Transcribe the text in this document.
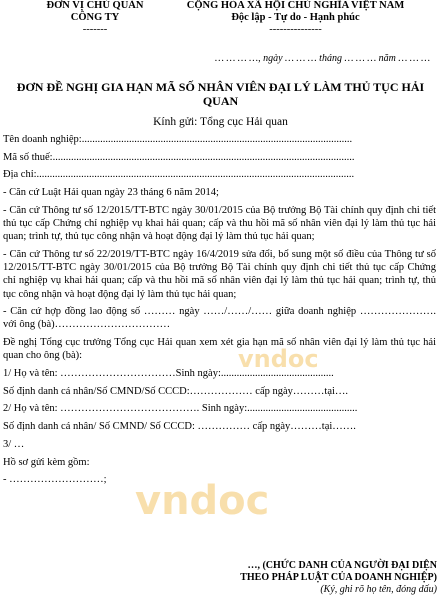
ĐƠN VỊ CHỦ QUẢN
CÔNG TY
-------
CỘNG HÒA XÃ HỘI CHỦ NGHĨA VIỆT NAM
Độc lập - Tự do - Hạnh phúc
---------------
… … … …, ngày … … … tháng … … … năm … … …
ĐƠN ĐỀ NGHỊ GIA HẠN MÃ SỐ NHÂN VIÊN ĐẠI LÝ LÀM THỦ TỤC HẢI QUAN
Kính gửi: Tổng cục Hải quan

Tên doanh nghiệp:.......................................................................................................

Mã số thuế:...................................................................................................................

Địa chỉ:.........................................................................................................................

- Căn cứ Luật Hải quan ngày 23 tháng 6 năm 2014;

- Căn cứ Thông tư số 12/2015/TT-BTC ngày 30/01/2015 của Bộ trưởng Bộ Tài chính quy định chi tiết thủ tục cấp Chứng chỉ nghiệp vụ khai hải quan; cấp và thu hồi mã số nhân viên đại lý làm thủ tục hải quan; trình tự, thủ tục công nhận và hoạt động đại lý làm thủ tục hải quan;

- Căn cứ Thông tư số 22/2019/TT-BTC ngày 16/4/2019 sửa đổi, bổ sung một số điều của Thông tư số 12/2015/TT-BTC ngày 30/01/2015 của Bộ trưởng Bộ Tài chính quy định chi tiết thủ tục cấp Chứng chỉ nghiệp vụ khai hải quan; cấp và thu hồi mã số nhân viên đại lý làm thủ tục hải quan; trình tự, thủ tục công nhận và hoạt động đại lý làm thủ tục hải quan;

- Căn cứ hợp đồng lao động số ……… ngày ……/……/…… giữa doanh nghiệp …………………. với ông (bà)……………………………

Đề nghị Tổng cục trưởng Tổng cục Hải quan xem xét gia hạn mã số nhân viên đại lý làm thủ tục hải quan cho ông (bà):

1/ Họ và tên: ……………………………Sinh ngày:...........................................

Số định danh cá nhân/Số CMND/Số CCCD:……………… cấp ngày………tại….

2/ Họ và tên: …………………………………. Sinh ngày:..........................................

Số định danh cá nhân/ Số CMND/ Số CCCD: …………… cấp ngày………tại…….

3/ …

Hồ sơ gửi kèm gồm:

- ………………………;

…, (CHỨC DANH CỦA NGƯỜI ĐẠI DIỆN
THEO PHÁP LUẬT CỦA DOANH NGHIỆP)
(Ký, ghi rõ họ tên, đóng dấu)
vndoc
vndoc
